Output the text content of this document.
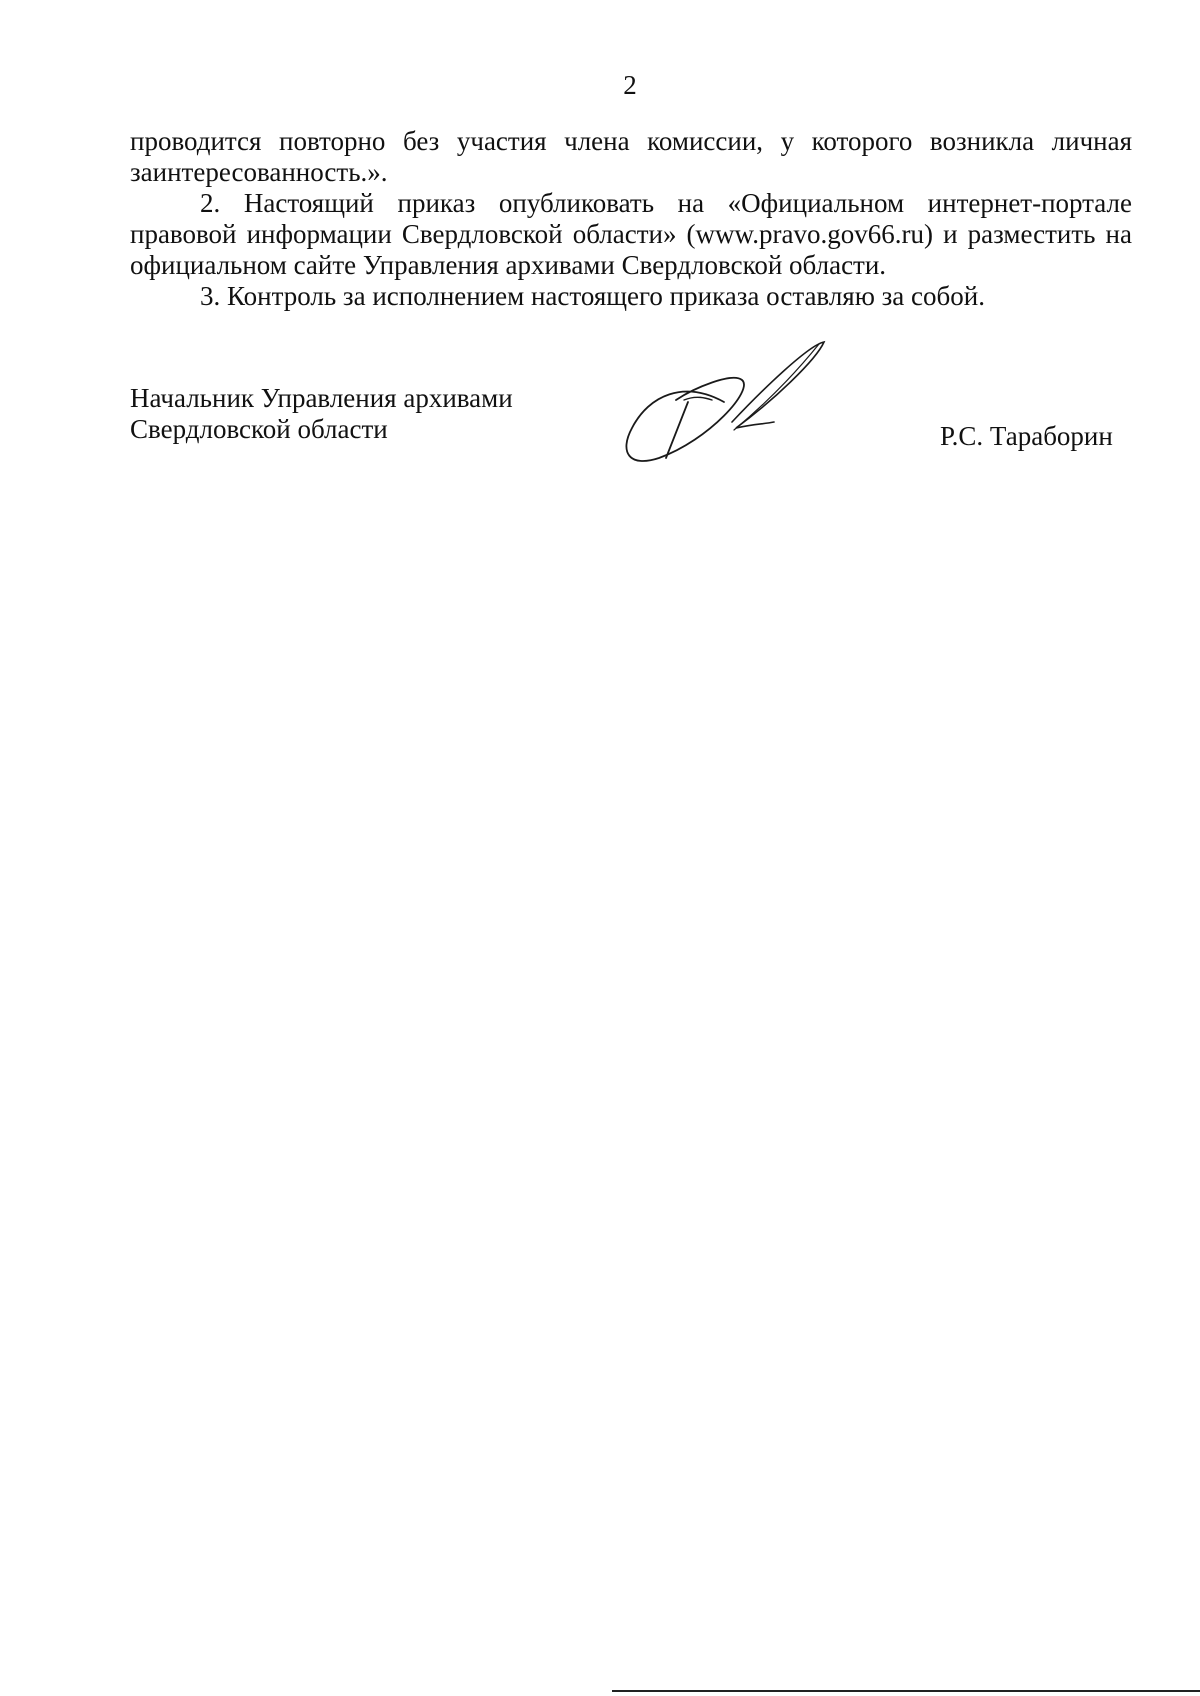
2

проводится повторно без участия члена комиссии, у которого возникла личная заинтересованность.».

2. Настоящий приказ опубликовать на «Официальном интернет-портале правовой информации Свердловской области» (www.pravo.gov66.ru) и разместить на официальном сайте Управления архивами Свердловской области.

3. Контроль за исполнением настоящего приказа оставляю за собой.

Начальник Управления архивами
Свердловской области	Р.С. Тараборин
